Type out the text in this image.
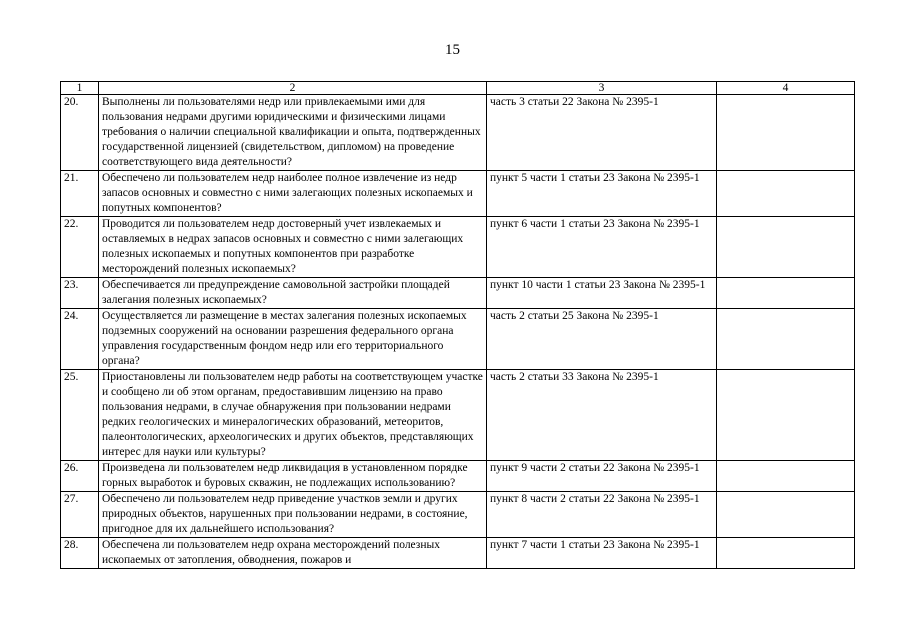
15
1	2	3	4
20.	Выполнены ли пользователями недр или привлекаемыми ими для пользования недрами другими юридическими и физическими лицами требования о наличии специальной квалификации и опыта, подтвержденных государственной лицензией (свидетельством, дипломом) на проведение соответствующего вида деятельности?	часть 3 статьи 22 Закона № 2395-1	
21.	Обеспечено ли пользователем недр наиболее полное извлечение из недр запасов основных и совместно с ними залегающих полезных ископаемых и попутных компонентов?	пункт 5 части 1 статьи 23 Закона № 2395-1	
22.	Проводится ли пользователем недр достоверный учет извлекаемых и оставляемых в недрах запасов основных и совместно с ними залегающих полезных ископаемых и попутных компонентов при разработке месторождений полезных ископаемых?	пункт 6 части 1 статьи 23 Закона № 2395-1	
23.	Обеспечивается ли предупреждение самовольной застройки площадей залегания полезных ископаемых?	пункт 10 части 1 статьи 23 Закона № 2395-1	
24.	Осуществляется ли размещение в местах залегания полезных ископаемых подземных сооружений на основании разрешения федерального органа управления государственным фондом недр или его территориального органа?	часть 2 статьи 25 Закона № 2395-1	
25.	Приостановлены ли пользователем недр работы на соответствующем участке и сообщено ли об этом органам, предоставившим лицензию на право пользования недрами, в случае обнаружения при пользовании недрами редких геологических и минералогических образований, метеоритов, палеонтологических, археологических и других объектов, представляющих интерес для науки или культуры?	часть 2 статьи 33 Закона № 2395-1	
26.	Произведена ли пользователем недр ликвидация в установленном порядке горных выработок и буровых скважин, не подлежащих использованию?	пункт 9 части 2 статьи 22 Закона № 2395-1	
27.	Обеспечено ли пользователем недр приведение участков земли и других природных объектов, нарушенных при пользовании недрами, в состояние, пригодное для их дальнейшего использования?	пункт 8 части 2 статьи 22 Закона № 2395-1	
28.	Обеспечена ли пользователем недр охрана месторождений полезных ископаемых от затопления, обводнения, пожаров и	пункт 7 части 1 статьи 23 Закона № 2395-1	
